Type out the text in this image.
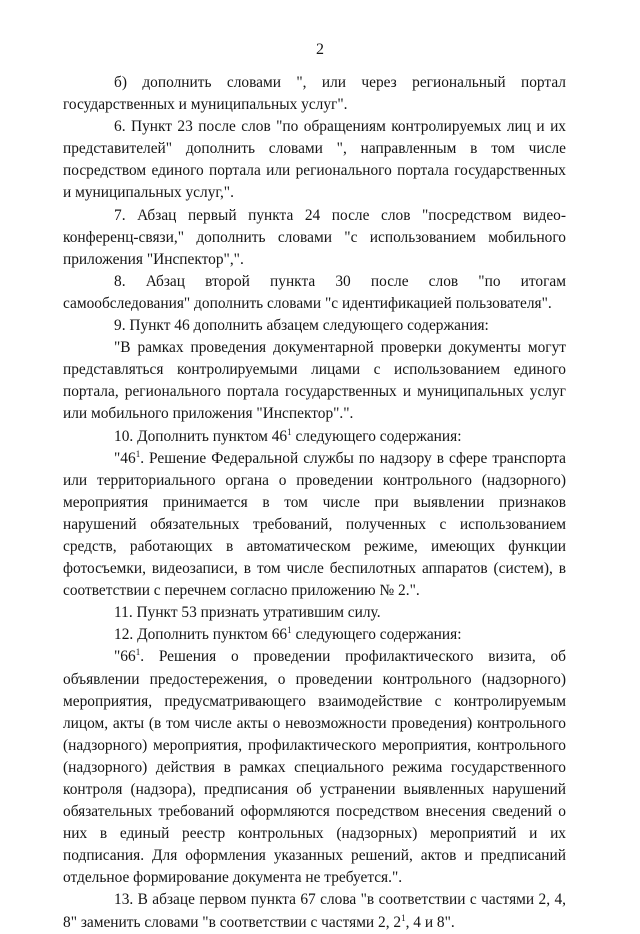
2

б) дополнить словами ", или через региональный портал государственных и муниципальных услуг".

6. Пункт 23 после слов "по обращениям контролируемых лиц и их представителей" дополнить словами ", направленным в том числе посредством единого портала или регионального портала государственных и муниципальных услуг,".

7. Абзац первый пункта 24 после слов "посредством видео-конференц-связи," дополнить словами "с использованием мобильного приложения "Инспектор",".

8. Абзац второй пункта 30 после слов "по итогам самообследования" дополнить словами "с идентификацией пользователя".

9. Пункт 46 дополнить абзацем следующего содержания:

"В рамках проведения документарной проверки документы могут представляться контролируемыми лицами с использованием единого портала, регионального портала государственных и муниципальных услуг или мобильного приложения "Инспектор".".

10. Дополнить пунктом $46^1$ следующего содержания:

"$46^1$. Решение Федеральной службы по надзору в сфере транспорта или территориального органа о проведении контрольного (надзорного) мероприятия принимается в том числе при выявлении признаков нарушений обязательных требований, полученных с использованием средств, работающих в автоматическом режиме, имеющих функции фотосъемки, видеозаписи, в том числе беспилотных аппаратов (систем), в соответствии с перечнем согласно приложению № 2.".

11. Пункт 53 признать утратившим силу.

12. Дополнить пунктом $66^1$ следующего содержания:

"$66^1$. Решения о проведении профилактического визита, об объявлении предостережения, о проведении контрольного (надзорного) мероприятия, предусматривающего взаимодействие с контролируемым лицом, акты (в том числе акты о невозможности проведения) контрольного (надзорного) мероприятия, профилактического мероприятия, контрольного (надзорного) действия в рамках специального режима государственного контроля (надзора), предписания об устранении выявленных нарушений обязательных требований оформляются посредством внесения сведений о них в единый реестр контрольных (надзорных) мероприятий и их подписания. Для оформления указанных решений, актов и предписаний отдельное формирование документа не требуется.".

13. В абзаце первом пункта 67 слова "в соответствии с частями 2, 4, 8" заменить словами "в соответствии с частями 2, $2^1$, 4 и 8".
